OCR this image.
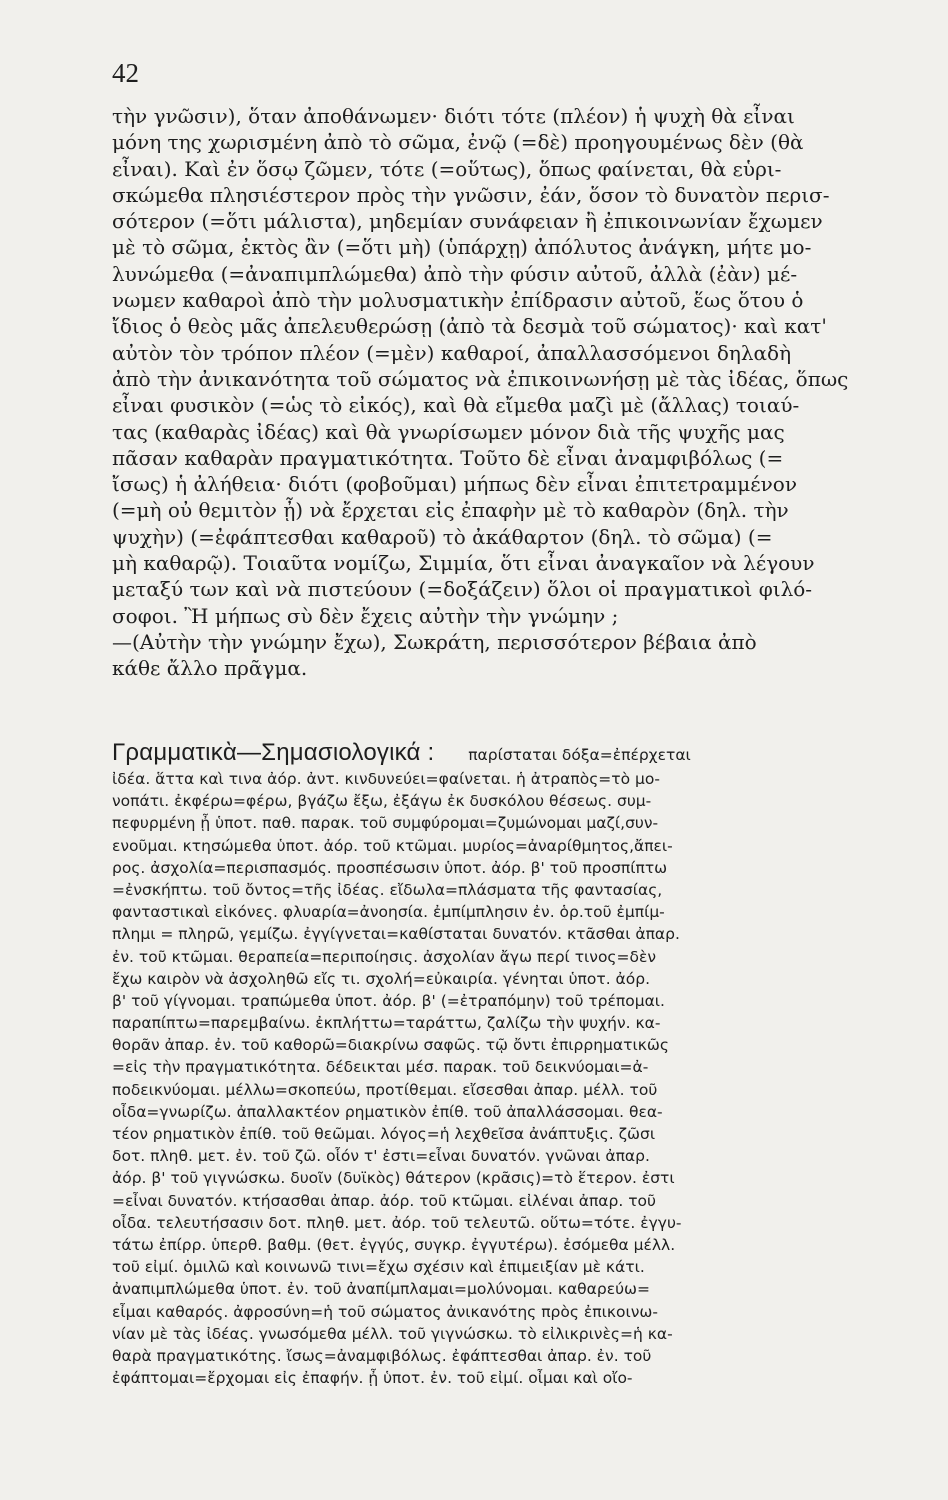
42
τὴν γνῶσιν), ὅταν ἀποθάνωμεν· διότι τότε (πλέον) ἡ ψυχὴ θὰ εἶναι
μόνη της χωρισμένη ἀπὸ τὸ σῶμα, ἐνῷ (=δὲ) προηγουμένως δὲν (θὰ
εἶναι). Καὶ ἐν ὅσῳ ζῶμεν, τότε (=οὕτως), ὅπως φαίνεται, θὰ εὑρι-
σκώμεθα πλησιέστερον πρὸς τὴν γνῶσιν, ἐάν, ὅσον τὸ δυνατὸν περισ-
σότερον (=ὅτι μάλιστα), μηδεμίαν συνάφειαν ἢ ἐπικοινωνίαν ἔχωμεν
μὲ τὸ σῶμα, ἐκτὸς ἂν (=ὅτι μὴ) (ὑπάρχῃ) ἀπόλυτος ἀνάγκη, μήτε μο-
λυνώμεθα (=ἀναπιμπλώμεθα) ἀπὸ τὴν φύσιν αὐτοῦ, ἀλλὰ (ἐὰν) μέ-
νωμεν καθαροὶ ἀπὸ τὴν μολυσματικὴν ἐπίδρασιν αὐτοῦ, ἕως ὅτου ὁ
ἴδιος ὁ θεὸς μᾶς ἀπελευθερώσῃ (ἀπὸ τὰ δεσμὰ τοῦ σώματος)· καὶ κατ'
αὐτὸν τὸν τρόπον πλέον (=μὲν) καθαροί, ἀπαλλασσόμενοι δηλαδὴ
ἀπὸ τὴν ἀνικανότητα τοῦ σώματος νὰ ἐπικοινωνήσῃ μὲ τὰς ἰδέας, ὅπως
εἶναι φυσικὸν (=ὡς τὸ εἰκός), καὶ θὰ εἴμεθα μαζὶ μὲ (ἄλλας) τοιαύ-
τας (καθαρὰς ἰδέας) καὶ θὰ γνωρίσωμεν μόνον διὰ τῆς ψυχῆς μας
πᾶσαν καθαρὰν πραγματικότητα. Τοῦτο δὲ εἶναι ἀναμφιβόλως (=
ἴσως) ἡ ἀλήθεια· διότι (φοβοῦμαι) μήπως δὲν εἶναι ἐπιτετραμμένον
(=μὴ οὐ θεμιτὸν ᾖ) νὰ ἔρχεται εἰς ἐπαφὴν μὲ τὸ καθαρὸν (δηλ. τὴν
ψυχὴν) (=ἐφάπτεσθαι καθαροῦ) τὸ ἀκάθαρτον (δηλ. τὸ σῶμα) (=
μὴ καθαρῷ). Τοιαῦτα νομίζω, Σιμμία, ὅτι εἶναι ἀναγκαῖον νὰ λέγουν
μεταξύ των καὶ νὰ πιστεύουν (=δοξάζειν) ὅλοι οἱ πραγματικοὶ φιλό-
σοφοι. Ἢ μήπως σὺ δὲν ἔχεις αὐτὴν τὴν γνώμην ;
—(Αὐτὴν τὴν γνώμην ἔχω), Σωκράτη, περισσότερον βέβαια ἀπὸ
κάθε ἄλλο πρᾶγμα.
Γραμματικὰ—Σημασιολογικά : παρίσταται δόξα=ἐπέρχεται
ἰδέα. ἅττα καὶ τινα ἀόρ. ἀντ. κινδυνεύει=φαίνεται. ἡ ἀτραπὸς=τὸ μο-
νοπάτι. ἐκφέρω=φέρω, βγάζω ἔξω, ἐξάγω ἐκ δυσκόλου θέσεως. συμ-
πεφυρμένη ᾖ ὑποτ. παθ. παρακ. τοῦ συμφύρομαι=ζυμώνομαι μαζί,συν-
ενοῦμαι. κτησώμεθα ὑποτ. ἀόρ. τοῦ κτῶμαι. μυρίος=ἀναρίθμητος,ἄπει-
ρος. ἀσχολία=περισπασμός. προσπέσωσιν ὑποτ. ἀόρ. β' τοῦ προσπίπτω
=ἐνσκήπτω. τοῦ ὄντος=τῆς ἰδέας. εἴδωλα=πλάσματα τῆς φαντασίας,
φανταστικαὶ εἰκόνες. φλυαρία=ἀνοησία. ἐμπίμπλησιν ἐν. ὁρ.τοῦ ἐμπίμ-
πλημι = πληρῶ, γεμίζω. ἐγγίγνεται=καθίσταται δυνατόν. κτᾶσθαι ἀπαρ.
ἐν. τοῦ κτῶμαι. θεραπεία=περιποίησις. ἀσχολίαν ἄγω περί τινος=δὲν
ἔχω καιρὸν νὰ ἀσχοληθῶ εἴς τι. σχολή=εὐκαιρία. γένηται ὑποτ. ἀόρ.
β' τοῦ γίγνομαι. τραπώμεθα ὑποτ. ἀόρ. β' (=ἐτραπόμην) τοῦ τρέπομαι.
παραπίπτω=παρεμβαίνω. ἐκπλήττω=ταράττω, ζαλίζω τὴν ψυχήν. κα-
θορᾶν ἀπαρ. ἐν. τοῦ καθορῶ=διακρίνω σαφῶς. τῷ ὄντι ἐπιρρηματικῶς
=εἰς τὴν πραγματικότητα. δέδεικται μέσ. παρακ. τοῦ δεικνύομαι=ἀ-
ποδεικνύομαι. μέλλω=σκοπεύω, προτίθεμαι. εἴσεσθαι ἀπαρ. μέλλ. τοῦ
οἶδα=γνωρίζω. ἀπαλλακτέον ρηματικὸν ἐπίθ. τοῦ ἀπαλλάσσομαι. θεα-
τέον ρηματικὸν ἐπίθ. τοῦ θεῶμαι. λόγος=ἡ λεχθεῖσα ἀνάπτυξις. ζῶσι
δοτ. πληθ. μετ. ἐν. τοῦ ζῶ. οἷόν τ' ἐστι=εἶναι δυνατόν. γνῶναι ἀπαρ.
ἀόρ. β' τοῦ γιγνώσκω. δυοῖν (δυϊκὸς) θάτερον (κρᾶσις)=τὸ ἕτερον. ἐστι
=εἶναι δυνατόν. κτήσασθαι ἀπαρ. ἀόρ. τοῦ κτῶμαι. εἰλέναι ἀπαρ. τοῦ
οἶδα. τελευτήσασιν δοτ. πληθ. μετ. ἀόρ. τοῦ τελευτῶ. οὕτω=τότε. ἐγγυ-
τάτω ἐπίρρ. ὑπερθ. βαθμ. (θετ. ἐγγύς, συγκρ. ἐγγυτέρω). ἐσόμεθα μέλλ.
τοῦ εἰμί. ὁμιλῶ καὶ κοινωνῶ τινι=ἔχω σχέσιν καὶ ἐπιμειξίαν μὲ κάτι.
ἀναπιμπλώμεθα ὑποτ. ἐν. τοῦ ἀναπίμπλαμαι=μολύνομαι. καθαρεύω=
εἶμαι καθαρός. ἀφροσύνη=ἡ τοῦ σώματος ἀνικανότης πρὸς ἐπικοινω-
νίαν μὲ τὰς ἰδέας. γνωσόμεθα μέλλ. τοῦ γιγνώσκω. τὸ εἰλικρινὲς=ἡ κα-
θαρὰ πραγματικότης. ἴσως=ἀναμφιβόλως. ἐφάπτεσθαι ἀπαρ. ἐν. τοῦ
ἐφάπτομαι=ἔρχομαι εἰς ἐπαφήν. ᾖ ὑποτ. ἐν. τοῦ εἰμί. οἶμαι καὶ οἴο-
